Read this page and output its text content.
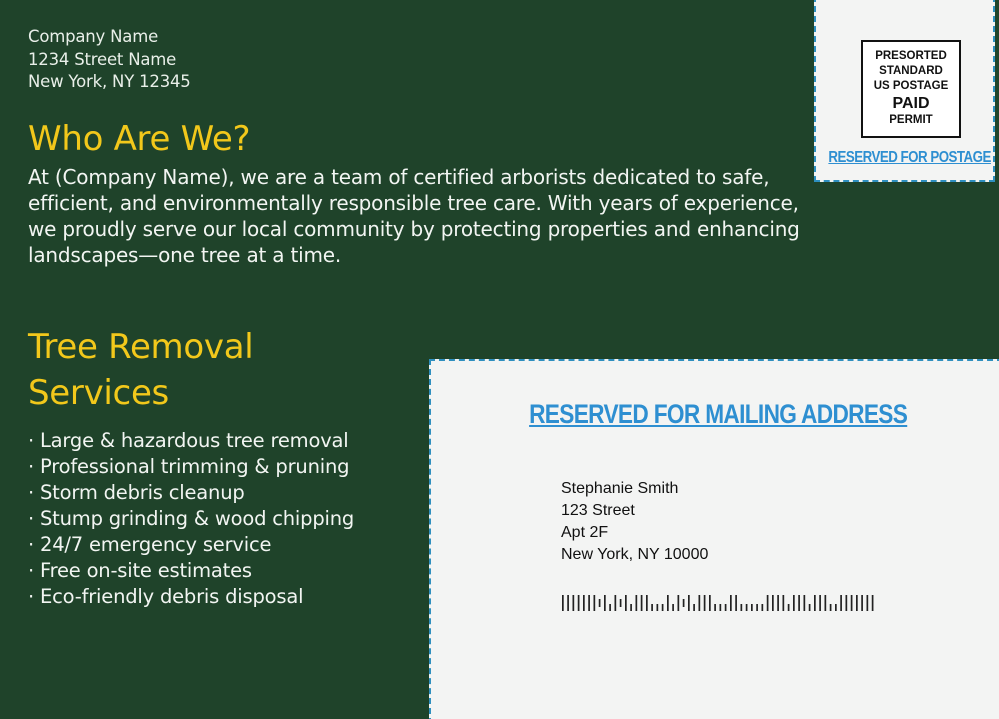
Company Name
1234 Street Name
New York, NY 12345
Who Are We?

At (Company Name), we are a team of certified arborists dedicated to safe, efficient, and environmentally responsible tree care. With years of experience, we proudly serve our local community by protecting properties and enhancing landscapes—one tree at a time.

Tree Removal Services
· Large & hazardous tree removal
· Professional trimming & pruning
· Storm debris cleanup
· Stump grinding & wood chipping
· 24/7 emergency service
· Free on-site estimates
· Eco-friendly debris disposal
PRESORTED
STANDARD
US POSTAGE
PAID
PERMIT
RESERVED FOR POSTAGE
RESERVED FOR MAILING ADDRESS
Stephanie Smith
123 Street
Apt 2F
New York, NY 10000
